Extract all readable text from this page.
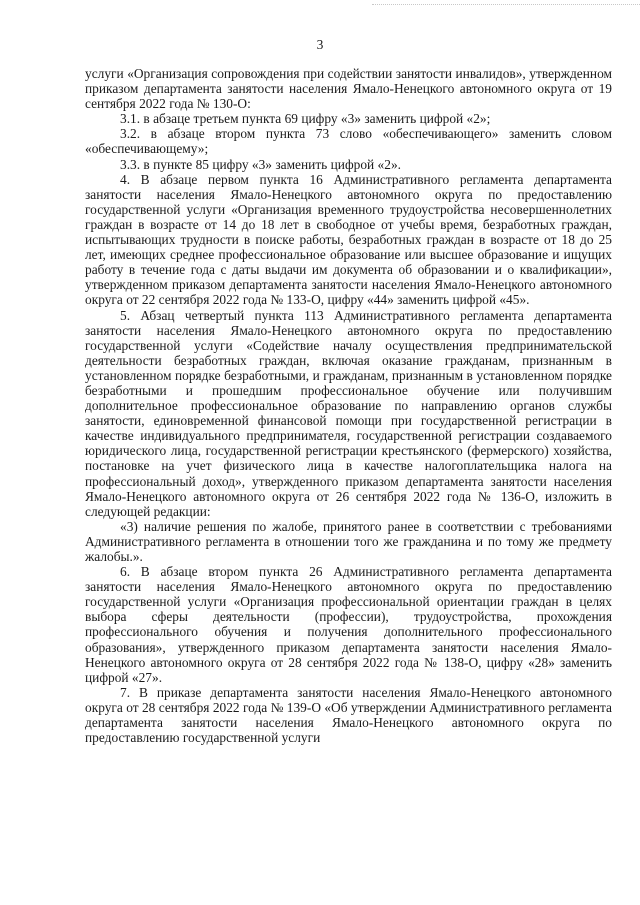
3

услуги «Организация сопровождения при содействии занятости инвалидов», утвержденном приказом департамента занятости населения Ямало-Ненецкого автономного округа от 19 сентября 2022 года № 130-О:

3.1. в абзаце третьем пункта 69 цифру «3» заменить цифрой «2»;

3.2. в абзаце втором пункта 73 слово «обеспечивающего» заменить словом «обеспечивающему»;

3.3. в пункте 85 цифру «3» заменить цифрой «2».

4. В абзаце первом пункта 16 Административного регламента департамента занятости населения Ямало-Ненецкого автономного округа по предоставлению государственной услуги «Организация временного трудоустройства несовершеннолетних граждан в возрасте от 14 до 18 лет в свободное от учебы время, безработных граждан, испытывающих трудности в поиске работы, безработных граждан в возрасте от 18 до 25 лет, имеющих среднее профессиональное образование или высшее образование и ищущих работу в течение года с даты выдачи им документа об образовании и о квалификации», утвержденном приказом департамента занятости населения Ямало-Ненецкого автономного округа от 22 сентября 2022 года № 133-О, цифру «44» заменить цифрой «45».

5. Абзац четвертый пункта 113 Административного регламента департамента занятости населения Ямало-Ненецкого автономного округа по предоставлению государственной услуги «Содействие началу осуществления предпринимательской деятельности безработных граждан, включая оказание гражданам, признанным в установленном порядке безработными, и гражданам, признанным в установленном порядке безработными и прошедшим профессиональное обучение или получившим дополнительное профессиональное образование по направлению органов службы занятости, единовременной финансовой помощи при государственной регистрации в качестве индивидуального предпринимателя, государственной регистрации создаваемого юридического лица, государственной регистрации крестьянского (фермерского) хозяйства, постановке на учет физического лица в качестве налогоплательщика налога на профессиональный доход», утвержденного приказом департамента занятости населения Ямало-Ненецкого автономного округа от 26 сентября 2022 года № 136-О, изложить в следующей редакции:

«3) наличие решения по жалобе, принятого ранее в соответствии с требованиями Административного регламента в отношении того же гражданина и по тому же предмету жалобы.».

6. В абзаце втором пункта 26 Административного регламента департамента занятости населения Ямало-Ненецкого автономного округа по предоставлению государственной услуги «Организация профессиональной ориентации граждан в целях выбора сферы деятельности (профессии), трудоустройства, прохождения профессионального обучения и получения дополнительного профессионального образования», утвержденного приказом департамента занятости населения Ямало-Ненецкого автономного округа от 28 сентября 2022 года № 138-О, цифру «28» заменить цифрой «27».

7. В приказе департамента занятости населения Ямало-Ненецкого автономного округа от 28 сентября 2022 года № 139-О «Об утверждении Административного регламента департамента занятости населения Ямало-Ненецкого автономного округа по предоставлению государственной услуги
